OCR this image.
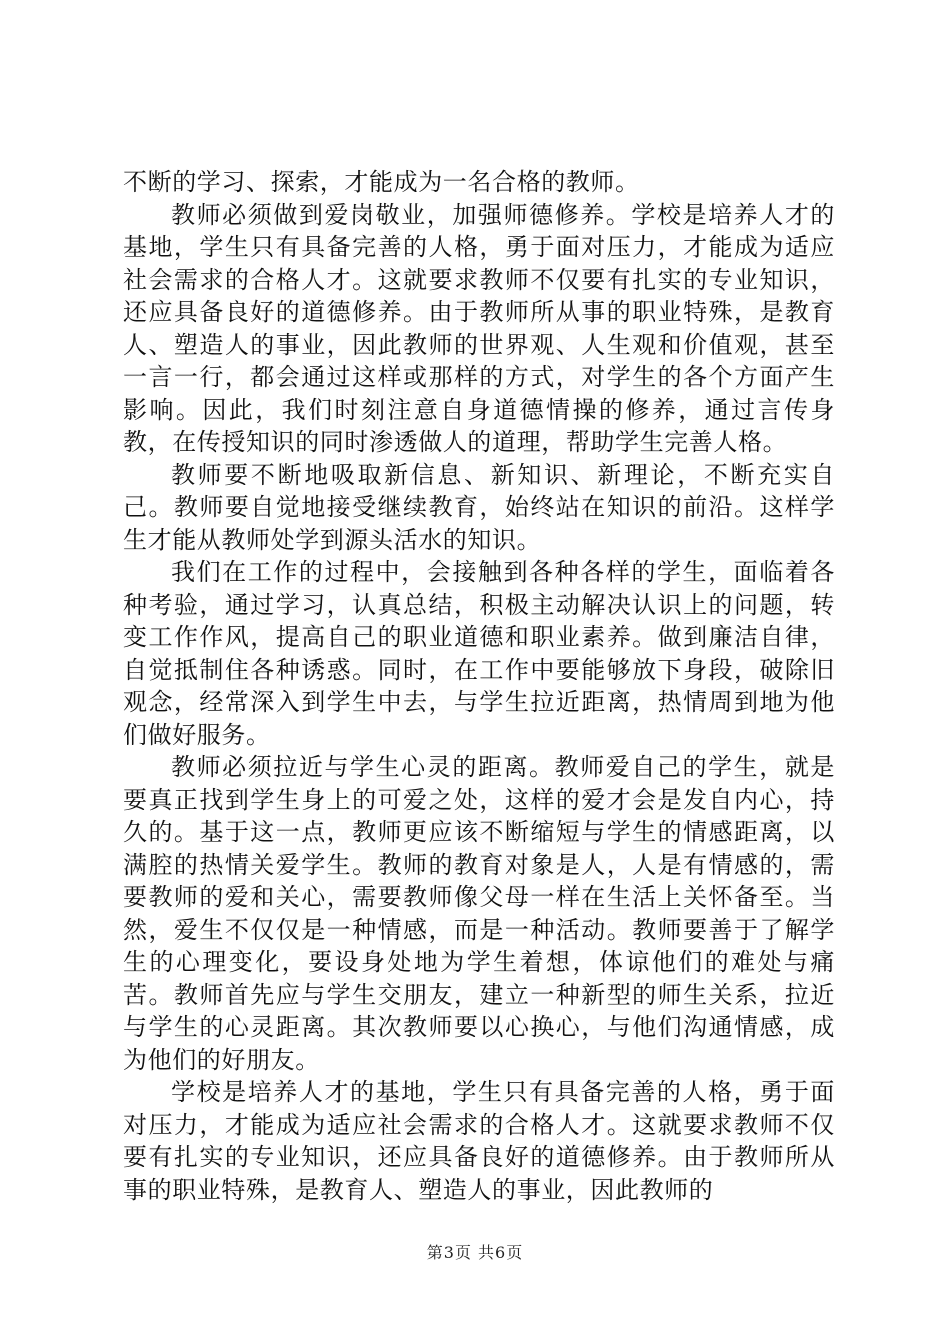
不断的学习、探索，才能成为一名合格的教师。

教师必须做到爱岗敬业，加强师德修养。学校是培养人才的基地，学生只有具备完善的人格，勇于面对压力，才能成为适应社会需求的合格人才。这就要求教师不仅要有扎实的专业知识，还应具备良好的道德修养。由于教师所从事的职业特殊，是教育人、塑造人的事业，因此教师的世界观、人生观和价值观，甚至一言一行，都会通过这样或那样的方式，对学生的各个方面产生影响。因此，我们时刻注意自身道德情操的修养，通过言传身教，在传授知识的同时渗透做人的道理，帮助学生完善人格。

教师要不断地吸取新信息、新知识、新理论，不断充实自己。教师要自觉地接受继续教育，始终站在知识的前沿。这样学生才能从教师处学到源头活水的知识。

我们在工作的过程中，会接触到各种各样的学生，面临着各种考验，通过学习，认真总结，积极主动解决认识上的问题，转变工作作风，提高自己的职业道德和职业素养。做到廉洁自律，自觉抵制住各种诱惑。同时，在工作中要能够放下身段，破除旧观念，经常深入到学生中去，与学生拉近距离，热情周到地为他们做好服务。

教师必须拉近与学生心灵的距离。教师爱自己的学生，就是要真正找到学生身上的可爱之处，这样的爱才会是发自内心，持久的。基于这一点，教师更应该不断缩短与学生的情感距离，以满腔的热情关爱学生。教师的教育对象是人，人是有情感的，需要教师的爱和关心，需要教师像父母一样在生活上关怀备至。当然，爱生不仅仅是一种情感，而是一种活动。教师要善于了解学生的心理变化，要设身处地为学生着想，体谅他们的难处与痛苦。教师首先应与学生交朋友，建立一种新型的师生关系，拉近与学生的心灵距离。其次教师要以心换心，与他们沟通情感，成为他们的好朋友。

学校是培养人才的基地，学生只有具备完善的人格，勇于面对压力，才能成为适应社会需求的合格人才。这就要求教师不仅要有扎实的专业知识，还应具备良好的道德修养。由于教师所从事的职业特殊，是教育人、塑造人的事业，因此教师的

第3页 共6页
